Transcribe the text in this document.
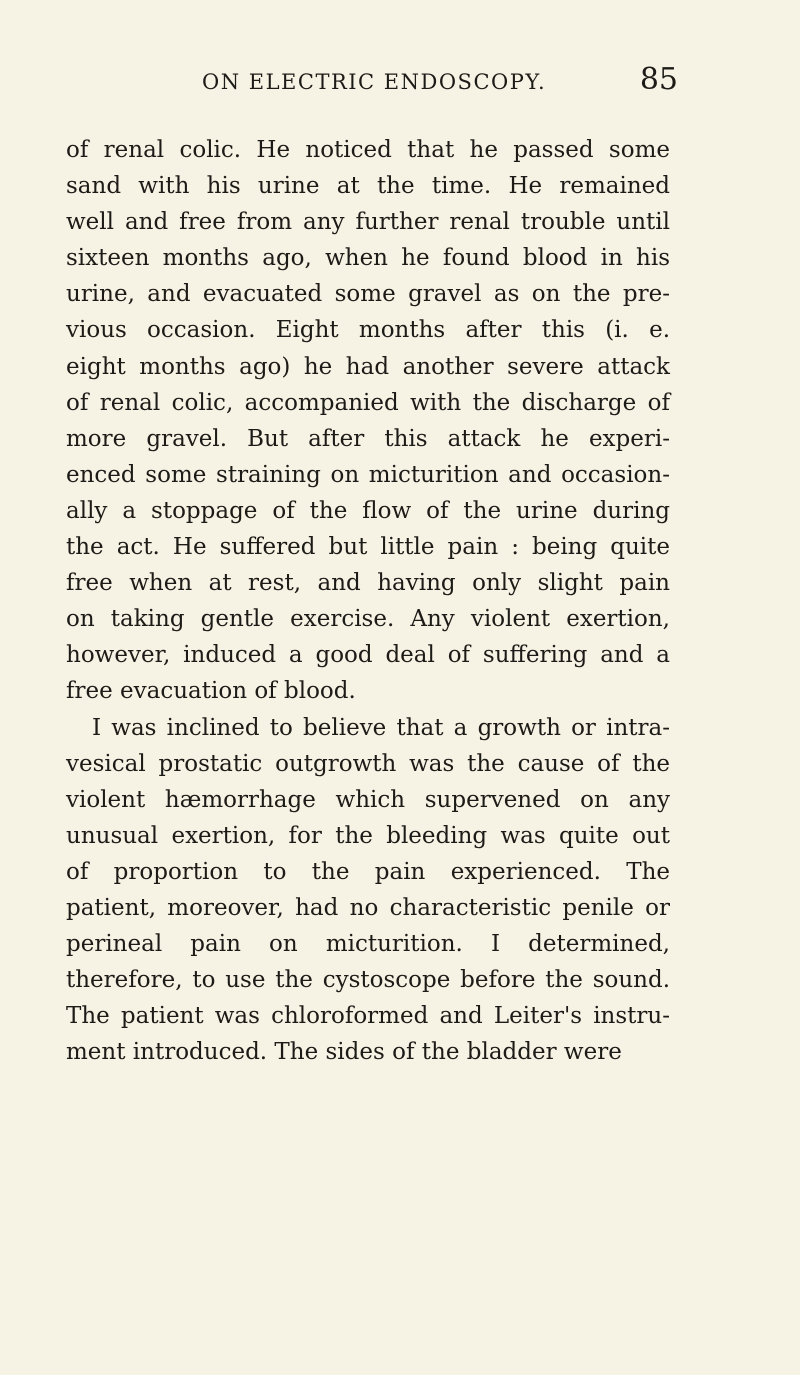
ON ELECTRIC ENDOSCOPY.	85
of renal colic. He noticed that he passed some
sand with his urine at the time. He remained
well and free from any further renal trouble until
sixteen months ago, when he found blood in his
urine, and evacuated some gravel as on the pre-
vious occasion. Eight months after this (i. e.
eight months ago) he had another severe attack
of renal colic, accompanied with the discharge of
more gravel. But after this attack he experi-
enced some straining on micturition and occasion-
ally a stoppage of the flow of the urine during
the act. He suffered but little pain : being quite
free when at rest, and having only slight pain
on taking gentle exercise. Any violent exertion,
however, induced a good deal of suffering and a
free evacuation of blood.
I was inclined to believe that a growth or intra-
vesical prostatic outgrowth was the cause of the
violent hæmorrhage which supervened on any
unusual exertion, for the bleeding was quite out
of proportion to the pain experienced. The
patient, moreover, had no characteristic penile or
perineal pain on micturition. I determined,
therefore, to use the cystoscope before the sound.
The patient was chloroformed and Leiter's instru-
ment introduced. The sides of the bladder were
